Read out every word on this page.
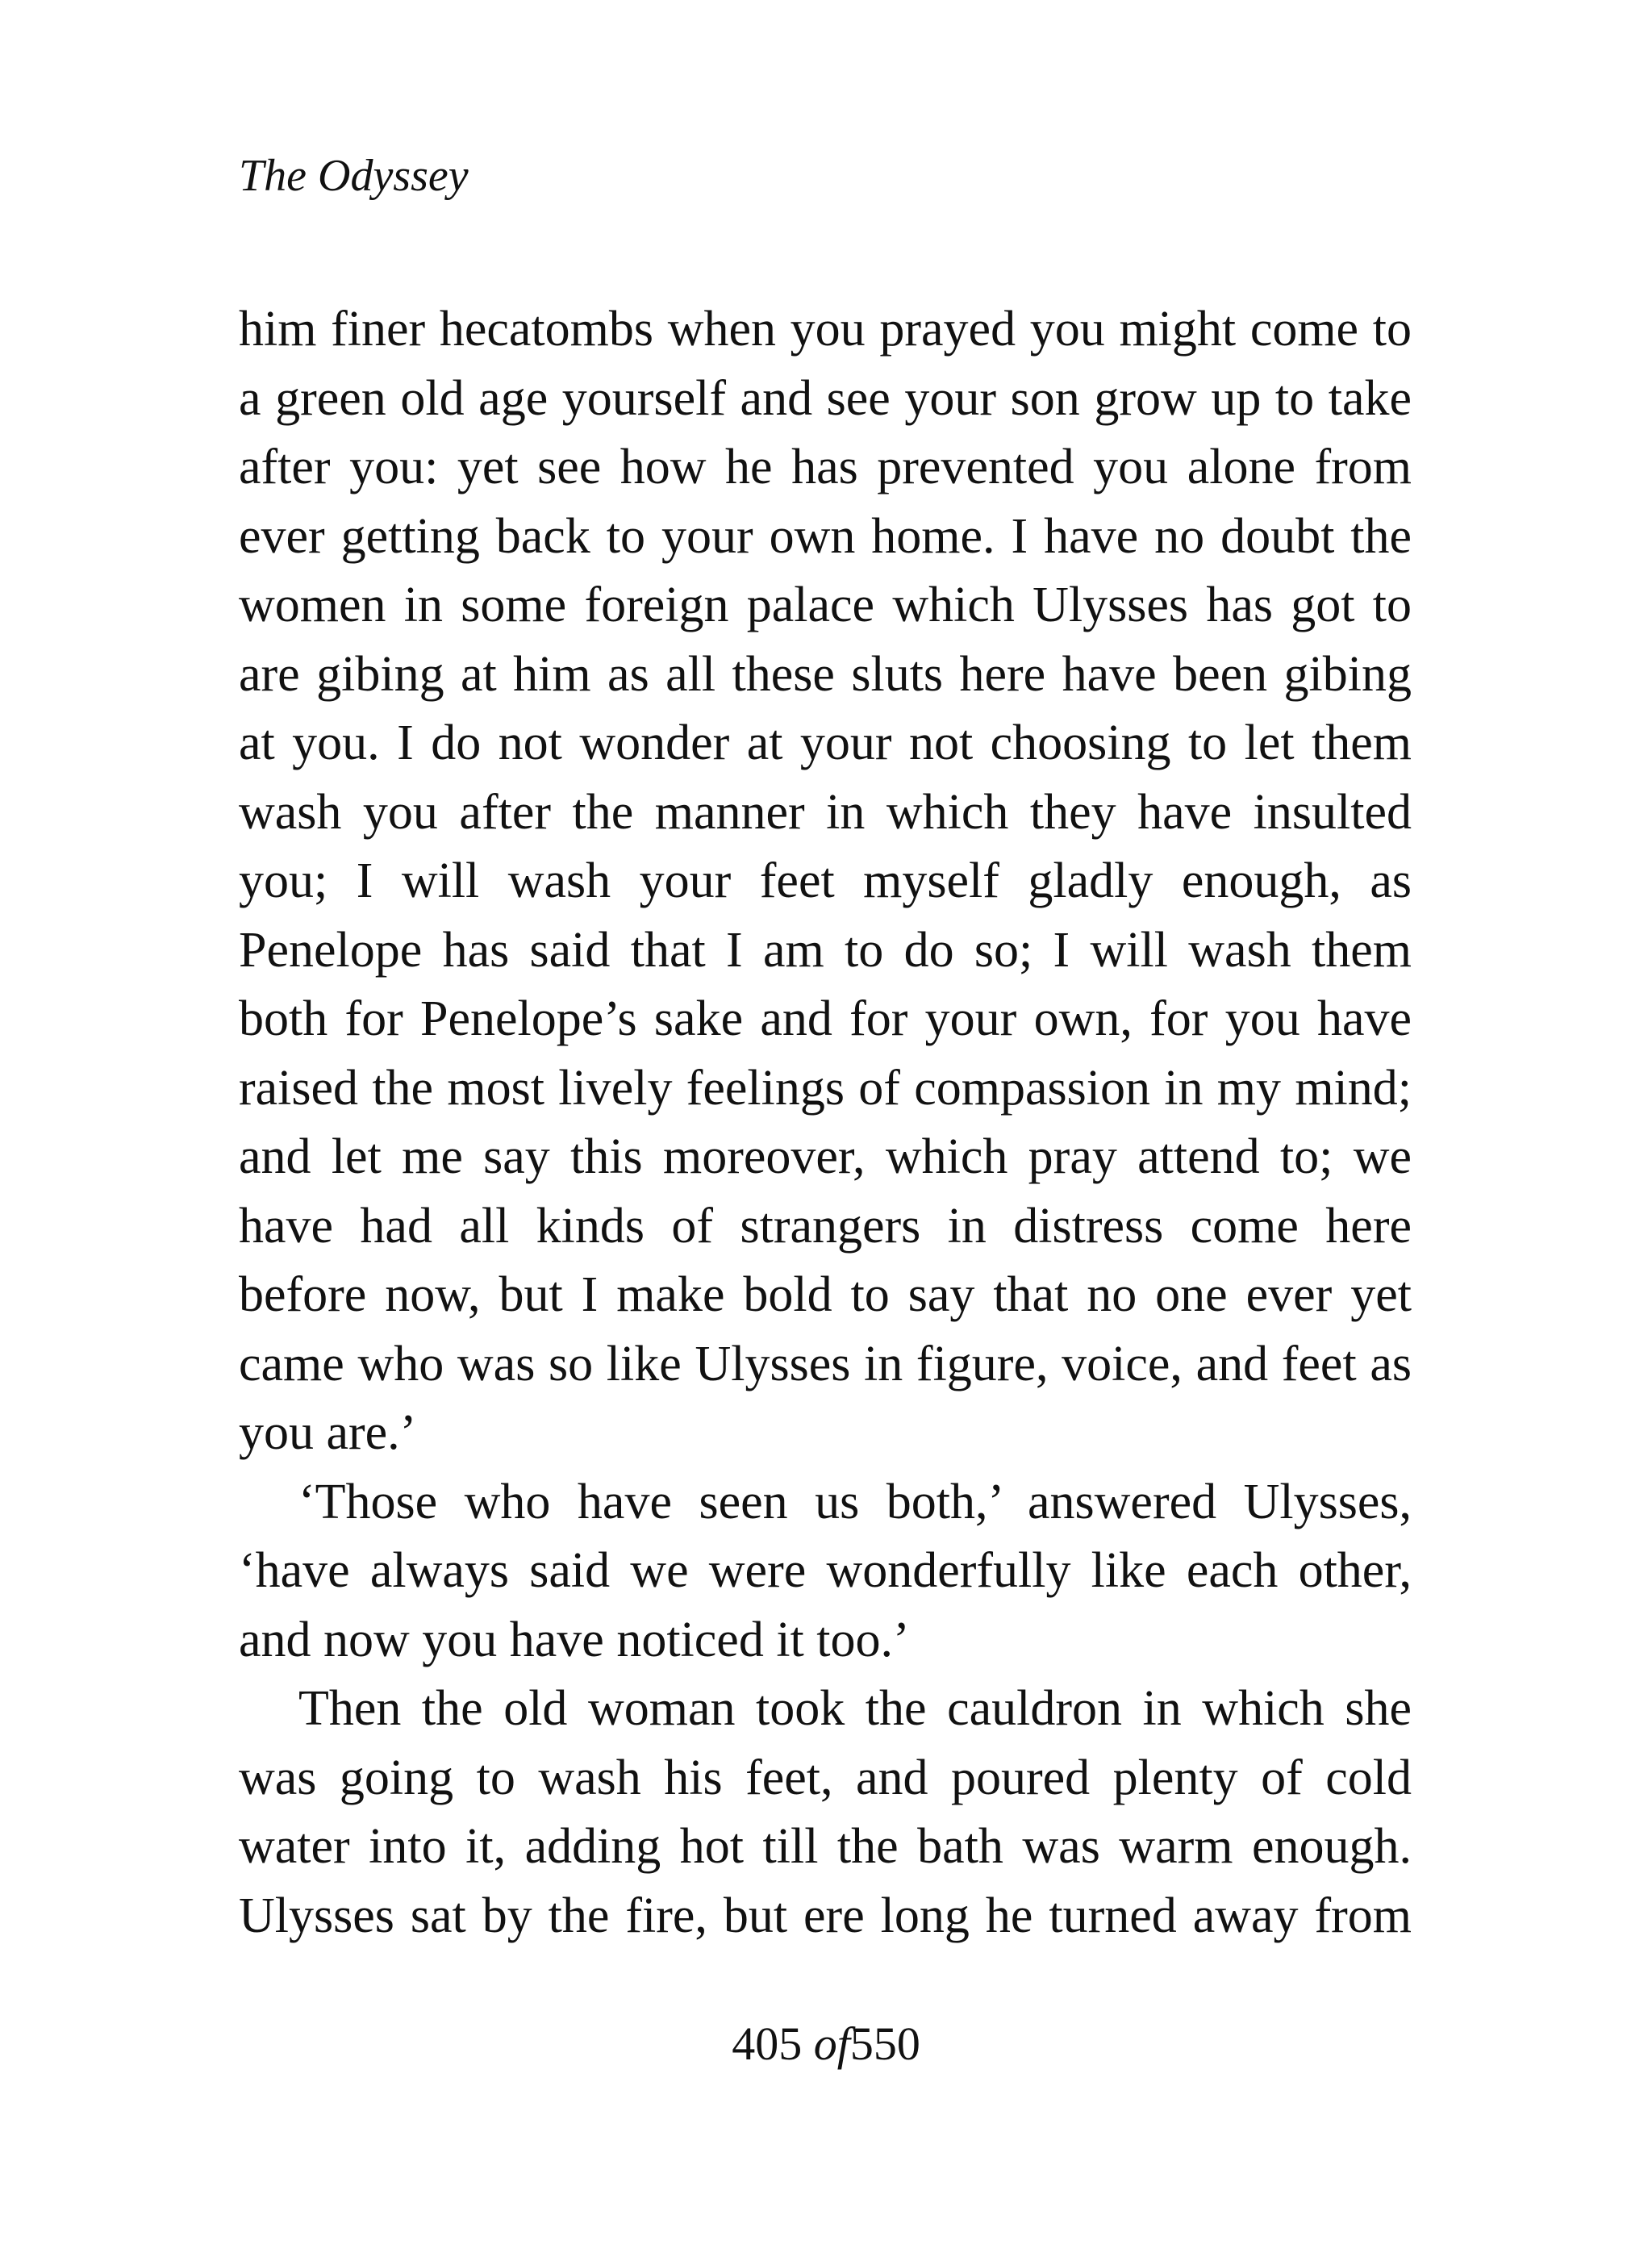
The Odyssey
him finer hecatombs when you prayed you might come to
a green old age yourself and see your son grow up to take
after you: yet see how he has prevented you alone from
ever getting back to your own home. I have no doubt the
women in some foreign palace which Ulysses has got to
are gibing at him as all these sluts here have been gibing
at you. I do not wonder at your not choosing to let them
wash you after the manner in which they have insulted
you; I will wash your feet myself gladly enough, as
Penelope has said that I am to do so; I will wash them
both for Penelope’s sake and for your own, for you have
raised the most lively feelings of compassion in my mind;
and let me say this moreover, which pray attend to; we
have had all kinds of strangers in distress come here
before now, but I make bold to say that no one ever yet
came who was so like Ulysses in figure, voice, and feet as
you are.’
‘Those who have seen us both,’ answered Ulysses,
‘have always said we were wonderfully like each other,
and now you have noticed it too.’
Then the old woman took the cauldron in which she
was going to wash his feet, and poured plenty of cold
water into it, adding hot till the bath was warm enough.
Ulysses sat by the fire, but ere long he turned away from
405 of550
